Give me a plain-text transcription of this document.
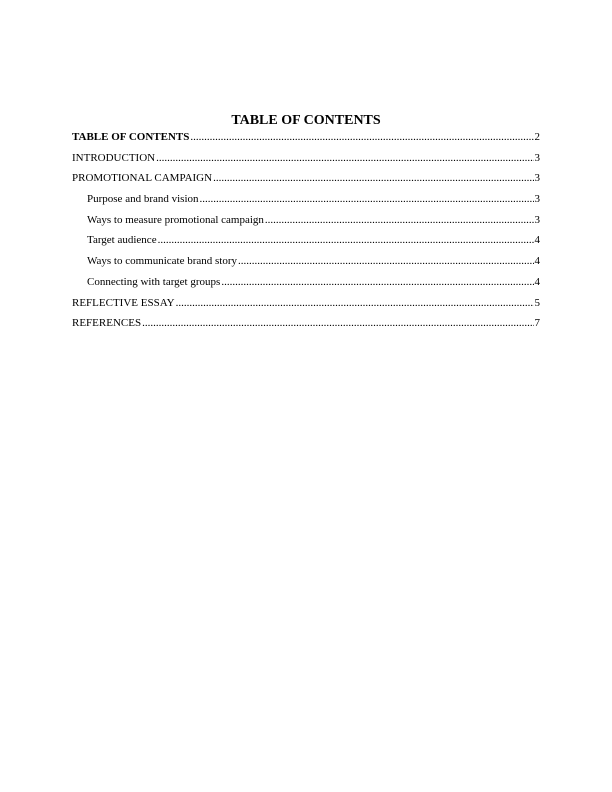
TABLE OF CONTENTS
TABLE OF CONTENTS .....	2
INTRODUCTION .....	3
PROMOTIONAL CAMPAIGN .....	3
Purpose and brand vision .....	3
Ways to measure promotional campaign .....	3
Target audience .....	4
Ways to communicate brand story .....	4
Connecting with target groups .....	4
REFLECTIVE ESSAY .....	5
REFERENCES .....	7
